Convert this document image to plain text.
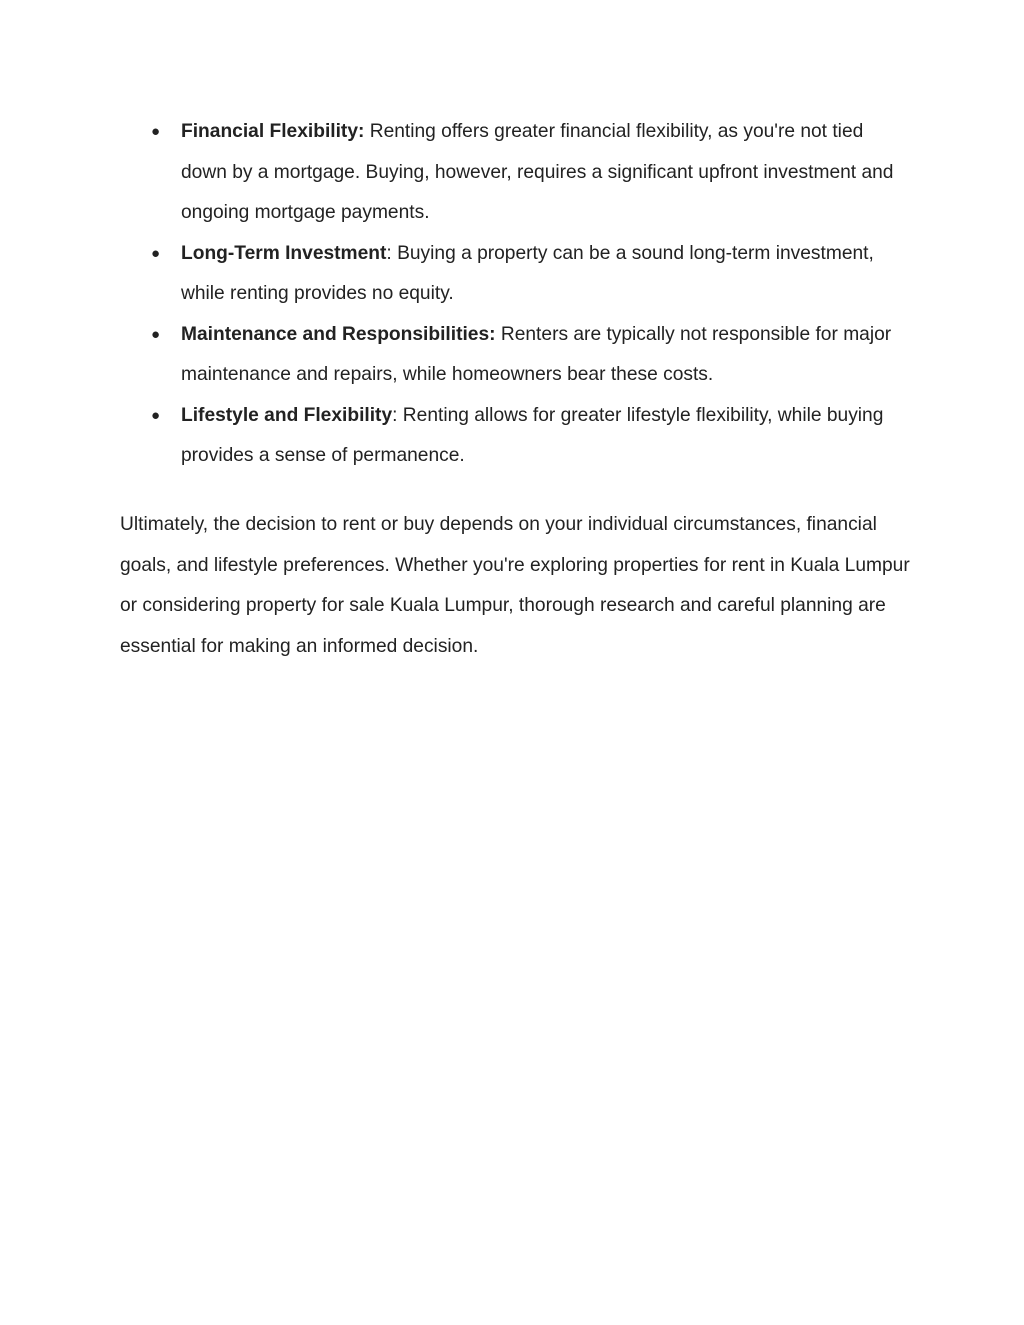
● Financial Flexibility: Renting offers greater financial flexibility, as you're not tied down by a mortgage. Buying, however, requires a significant upfront investment and ongoing mortgage payments.
● Long-Term Investment: Buying a property can be a sound long-term investment, while renting provides no equity.
● Maintenance and Responsibilities: Renters are typically not responsible for major maintenance and repairs, while homeowners bear these costs.
● Lifestyle and Flexibility: Renting allows for greater lifestyle flexibility, while buying provides a sense of permanence.

Ultimately, the decision to rent or buy depends on your individual circumstances, financial goals, and lifestyle preferences. Whether you're exploring properties for rent in Kuala Lumpur or considering property for sale Kuala Lumpur, thorough research and careful planning are essential for making an informed decision.
